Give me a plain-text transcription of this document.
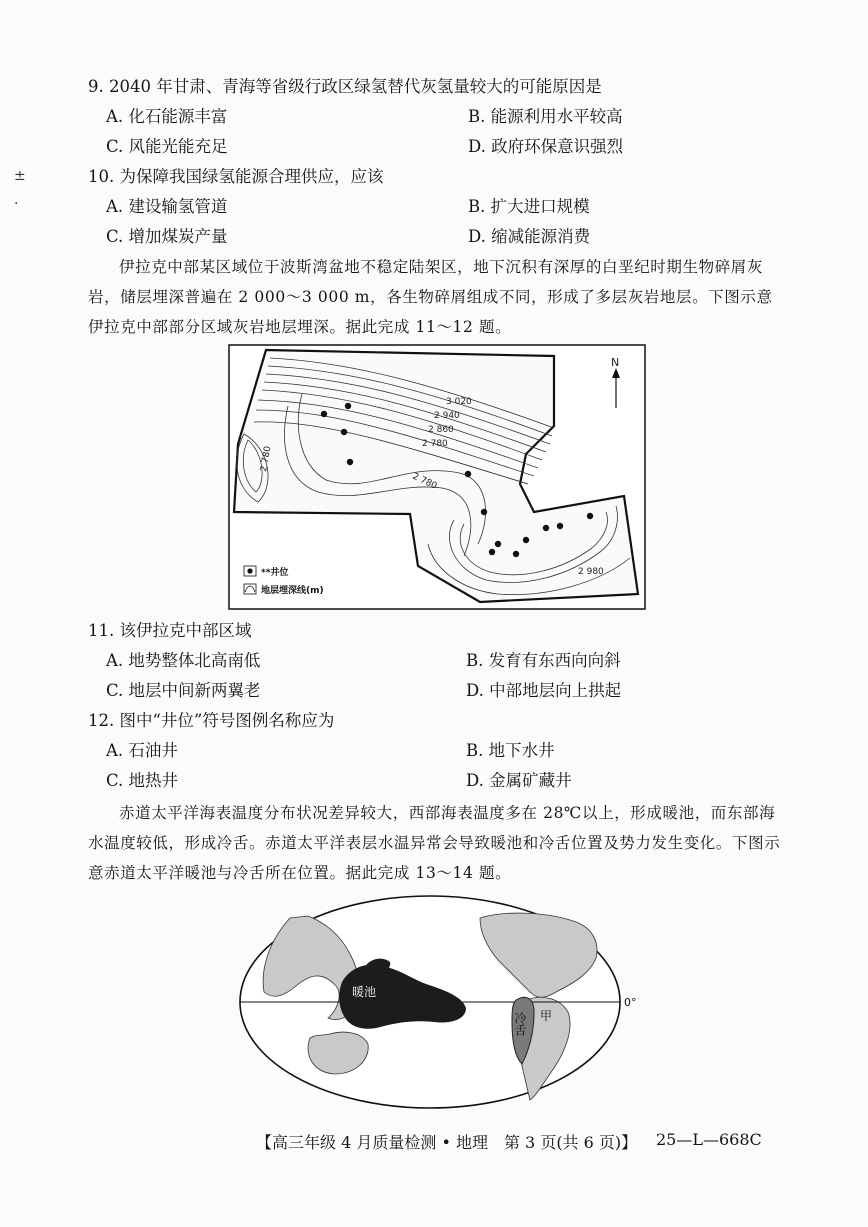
±
·
9. 2040 年甘肃、青海等省级行政区绿氢替代灰氢量较大的可能原因是
A. 化石能源丰富	B. 能源利用水平较高
C. 风能光能充足	D. 政府环保意识强烈
10. 为保障我国绿氢能源合理供应，应该
A. 建设输氢管道	B. 扩大进口规模
C. 增加煤炭产量	D. 缩减能源消费
伊拉克中部某区域位于波斯湾盆地不稳定陆架区，地下沉积有深厚的白垩纪时期生物碎屑灰岩，储层埋深普遍在 2 000～3 000 m，各生物碎屑组成不同，形成了多层灰岩地层。下图示意伊拉克中部部分区域灰岩地层埋深。据此完成 11～12 题。
3 020
2 940
2 860
2 780
2 780
2 780
2 980
N
**井位
地层埋深线(m)
11. 该伊拉克中部区域
A. 地势整体北高南低	B. 发育有东西向向斜
C. 地层中间新两翼老	D. 中部地层向上拱起
12. 图中“井位”符号图例名称应为
A. 石油井	B. 地下水井
C. 地热井	D. 金属矿藏井
赤道太平洋海表温度分布状况差异较大，西部海表温度多在 28℃以上，形成暖池，而东部海水温度较低，形成冷舌。赤道太平洋表层水温异常会导致暖池和冷舌位置及势力发生变化。下图示意赤道太平洋暖池与冷舌所在位置。据此完成 13～14 题。
0°
暖池
冷舌 甲
【高三年级 4 月质量检测 • 地理　第 3 页(共 6 页)】 25—L—668C
